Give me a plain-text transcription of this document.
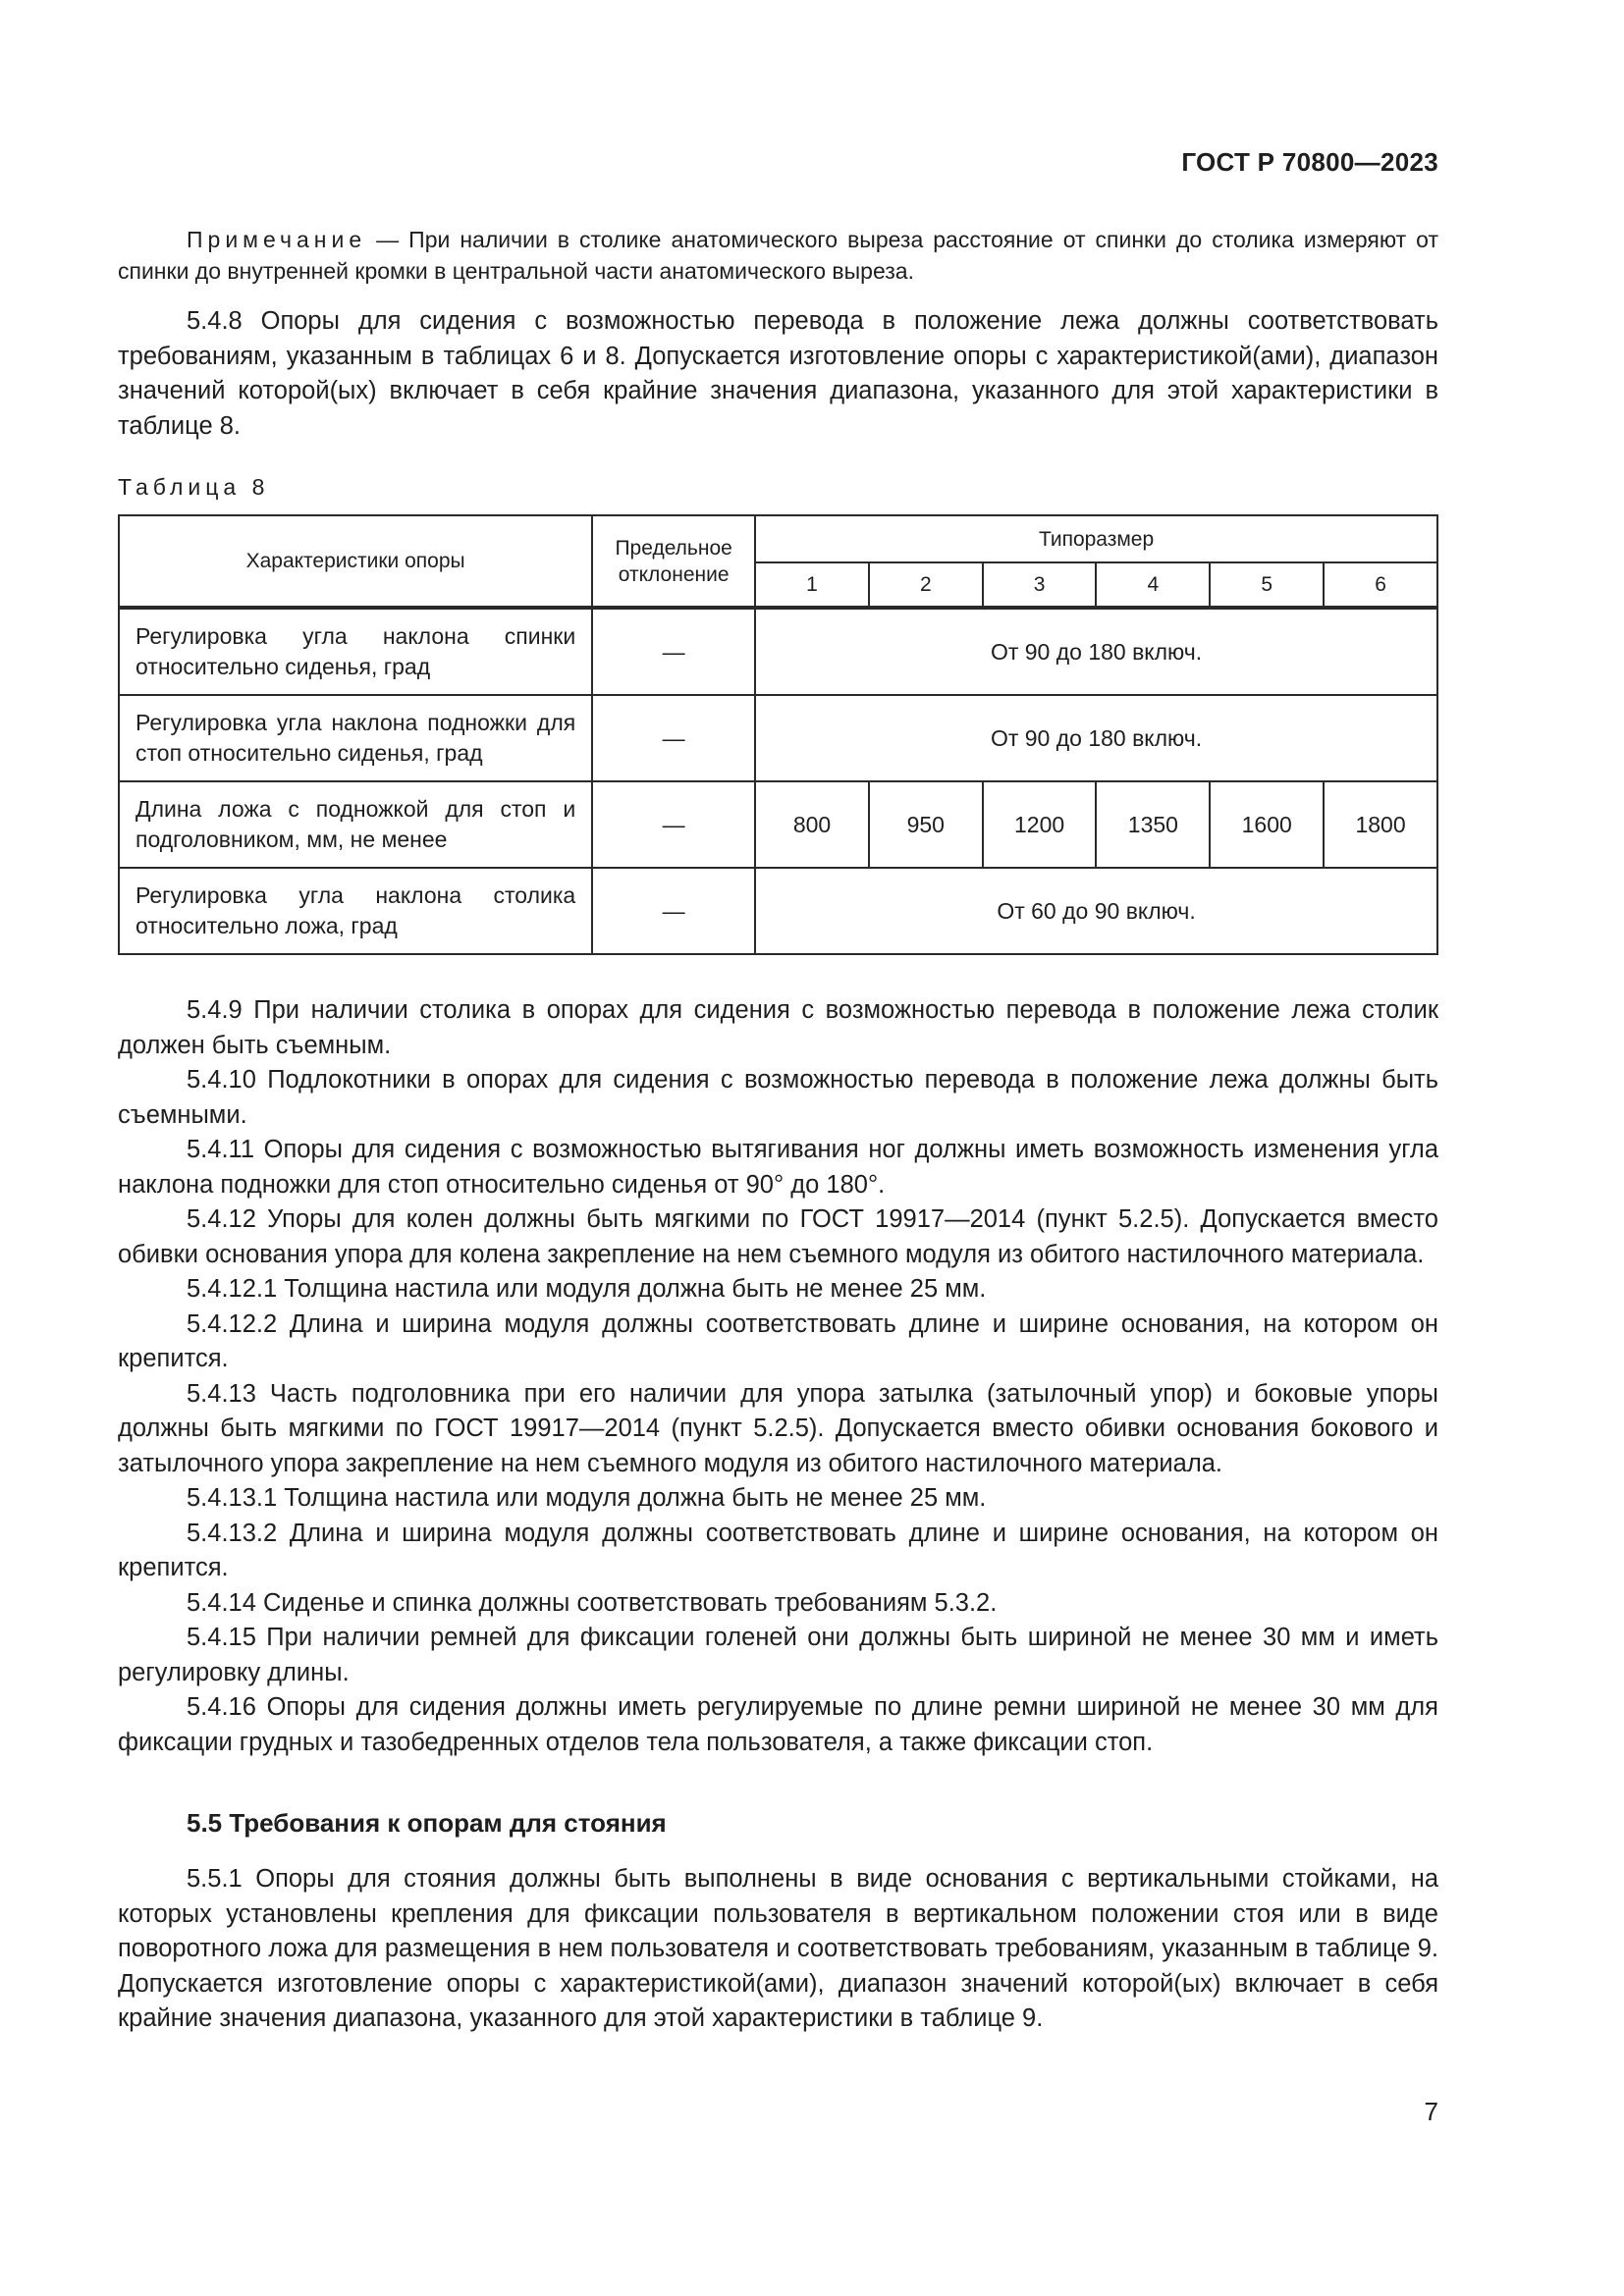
ГОСТ Р 70800—2023

Примечание — При наличии в столике анатомического выреза расстояние от спинки до столика измеряют от спинки до внутренней кромки в центральной части анатомического выреза.

5.4.8 Опоры для сидения с возможностью перевода в положение лежа должны соответствовать требованиям, указанным в таблицах 6 и 8. Допускается изготовление опоры с характеристикой(ами), диапазон значений которой(ых) включает в себя крайние значения диапазона, указанного для этой характеристики в таблице 8.

Таблица 8
Характеристики опоры	Предельное отклонение	Типоразмер					
		1	2	3	4	5	6
Регулировка угла наклона спинки относительно сиденья, град	—	От 90 до 180 включ.					
Регулировка угла наклона подножки для стоп относительно сиденья, град	—	От 90 до 180 включ.					
Длина ложа с подножкой для стоп и подголовником, мм, не менее	—	800	950	1200	1350	1600	1800
Регулировка угла наклона столика относительно ложа, град	—	От 60 до 90 включ.					

5.4.9 При наличии столика в опорах для сидения с возможностью перевода в положение лежа столик должен быть съемным.

5.4.10 Подлокотники в опорах для сидения с возможностью перевода в положение лежа должны быть съемными.

5.4.11 Опоры для сидения с возможностью вытягивания ног должны иметь возможность изменения угла наклона подножки для стоп относительно сиденья от 90° до 180°.

5.4.12 Упоры для колен должны быть мягкими по ГОСТ 19917—2014 (пункт 5.2.5). Допускается вместо обивки основания упора для колена закрепление на нем съемного модуля из обитого настилочного материала.

5.4.12.1 Толщина настила или модуля должна быть не менее 25 мм.

5.4.12.2 Длина и ширина модуля должны соответствовать длине и ширине основания, на котором он крепится.

5.4.13 Часть подголовника при его наличии для упора затылка (затылочный упор) и боковые упоры должны быть мягкими по ГОСТ 19917—2014 (пункт 5.2.5). Допускается вместо обивки основания бокового и затылочного упора закрепление на нем съемного модуля из обитого настилочного материала.

5.4.13.1 Толщина настила или модуля должна быть не менее 25 мм.

5.4.13.2 Длина и ширина модуля должны соответствовать длине и ширине основания, на котором он крепится.

5.4.14 Сиденье и спинка должны соответствовать требованиям 5.3.2.

5.4.15 При наличии ремней для фиксации голеней они должны быть шириной не менее 30 мм и иметь регулировку длины.

5.4.16 Опоры для сидения должны иметь регулируемые по длине ремни шириной не менее 30 мм для фиксации грудных и тазобедренных отделов тела пользователя, а также фиксации стоп.

5.5 Требования к опорам для стояния

5.5.1 Опоры для стояния должны быть выполнены в виде основания с вертикальными стойками, на которых установлены крепления для фиксации пользователя в вертикальном положении стоя или в виде поворотного ложа для размещения в нем пользователя и соответствовать требованиям, указанным в таблице 9. Допускается изготовление опоры с характеристикой(ами), диапазон значений которой(ых) включает в себя крайние значения диапазона, указанного для этой характеристики в таблице 9.

7
